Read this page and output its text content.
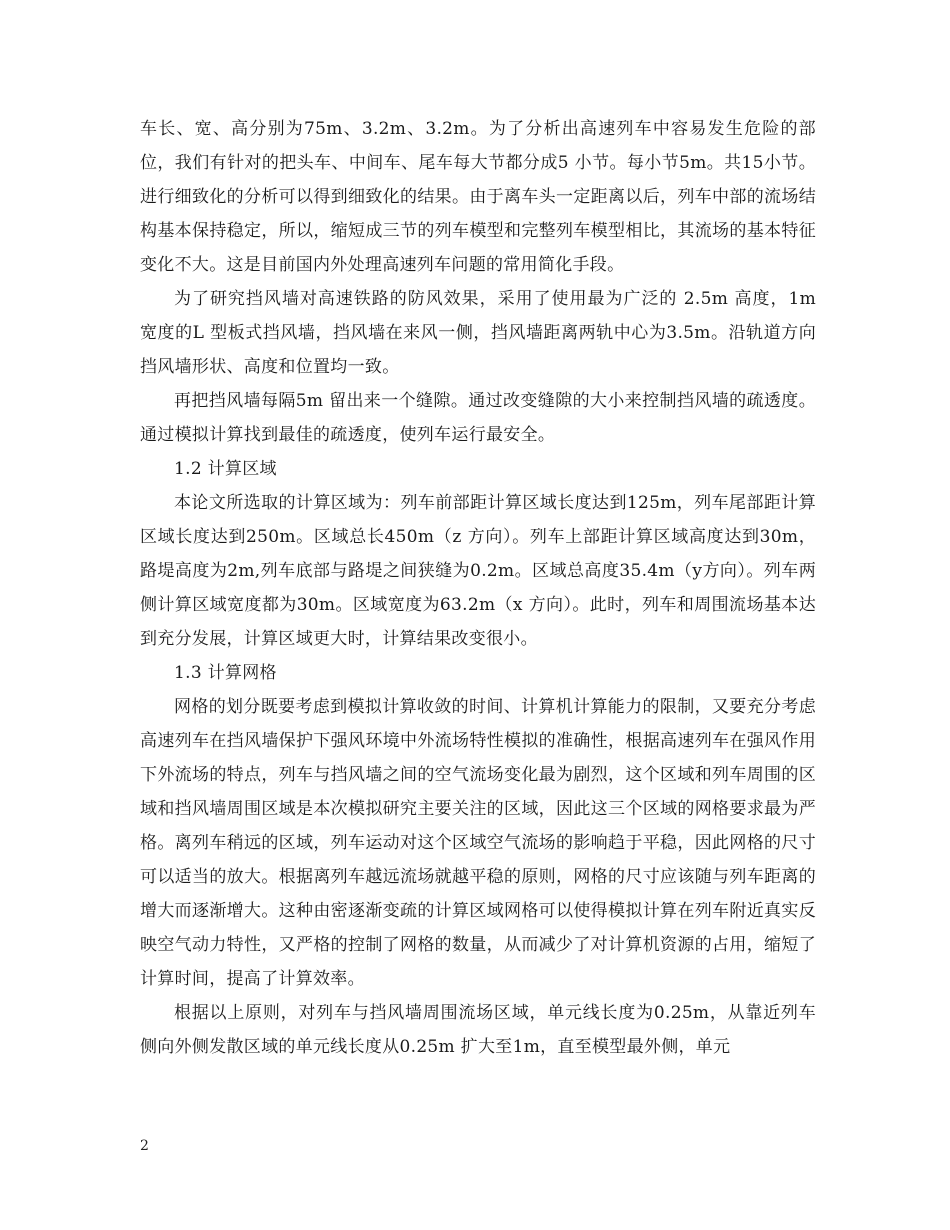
车长、宽、高分别为75m、3.2m、3.2m。为了分析出高速列车中容易发生危险的部位，我们有针对的把头车、中间车、尾车每大节都分成5 小节。每小节5m。共15小节。进行细致化的分析可以得到细致化的结果。由于离车头一定距离以后，列车中部的流场结构基本保持稳定，所以，缩短成三节的列车模型和完整列车模型相比，其流场的基本特征变化不大。这是目前国内外处理高速列车问题的常用简化手段。

为了研究挡风墙对高速铁路的防风效果，采用了使用最为广泛的 2.5m 高度，1m 宽度的L 型板式挡风墙，挡风墙在来风一侧，挡风墙距离两轨中心为3.5m。沿轨道方向挡风墙形状、高度和位置均一致。

再把挡风墙每隔5m 留出来一个缝隙。通过改变缝隙的大小来控制挡风墙的疏透度。通过模拟计算找到最佳的疏透度，使列车运行最安全。

1.2 计算区域

本论文所选取的计算区域为：列车前部距计算区域长度达到125m，列车尾部距计算区域长度达到250m。区域总长450m（z 方向）。列车上部距计算区域高度达到30m，路堤高度为2m,列车底部与路堤之间狭缝为0.2m。区域总高度35.4m（y方向）。列车两侧计算区域宽度都为30m。区域宽度为63.2m（x 方向）。此时，列车和周围流场基本达到充分发展，计算区域更大时，计算结果改变很小。

1.3 计算网格

网格的划分既要考虑到模拟计算收敛的时间、计算机计算能力的限制，又要充分考虑高速列车在挡风墙保护下强风环境中外流场特性模拟的准确性，根据高速列车在强风作用下外流场的特点，列车与挡风墙之间的空气流场变化最为剧烈，这个区域和列车周围的区域和挡风墙周围区域是本次模拟研究主要关注的区域，因此这三个区域的网格要求最为严格。离列车稍远的区域，列车运动对这个区域空气流场的影响趋于平稳，因此网格的尺寸可以适当的放大。根据离列车越远流场就越平稳的原则，网格的尺寸应该随与列车距离的增大而逐渐增大。这种由密逐渐变疏的计算区域网格可以使得模拟计算在列车附近真实反映空气动力特性，又严格的控制了网格的数量，从而减少了对计算机资源的占用，缩短了计算时间，提高了计算效率。

根据以上原则，对列车与挡风墙周围流场区域，单元线长度为0.25m，从靠近列车侧向外侧发散区域的单元线长度从0.25m 扩大至1m，直至模型最外侧，单元

2
